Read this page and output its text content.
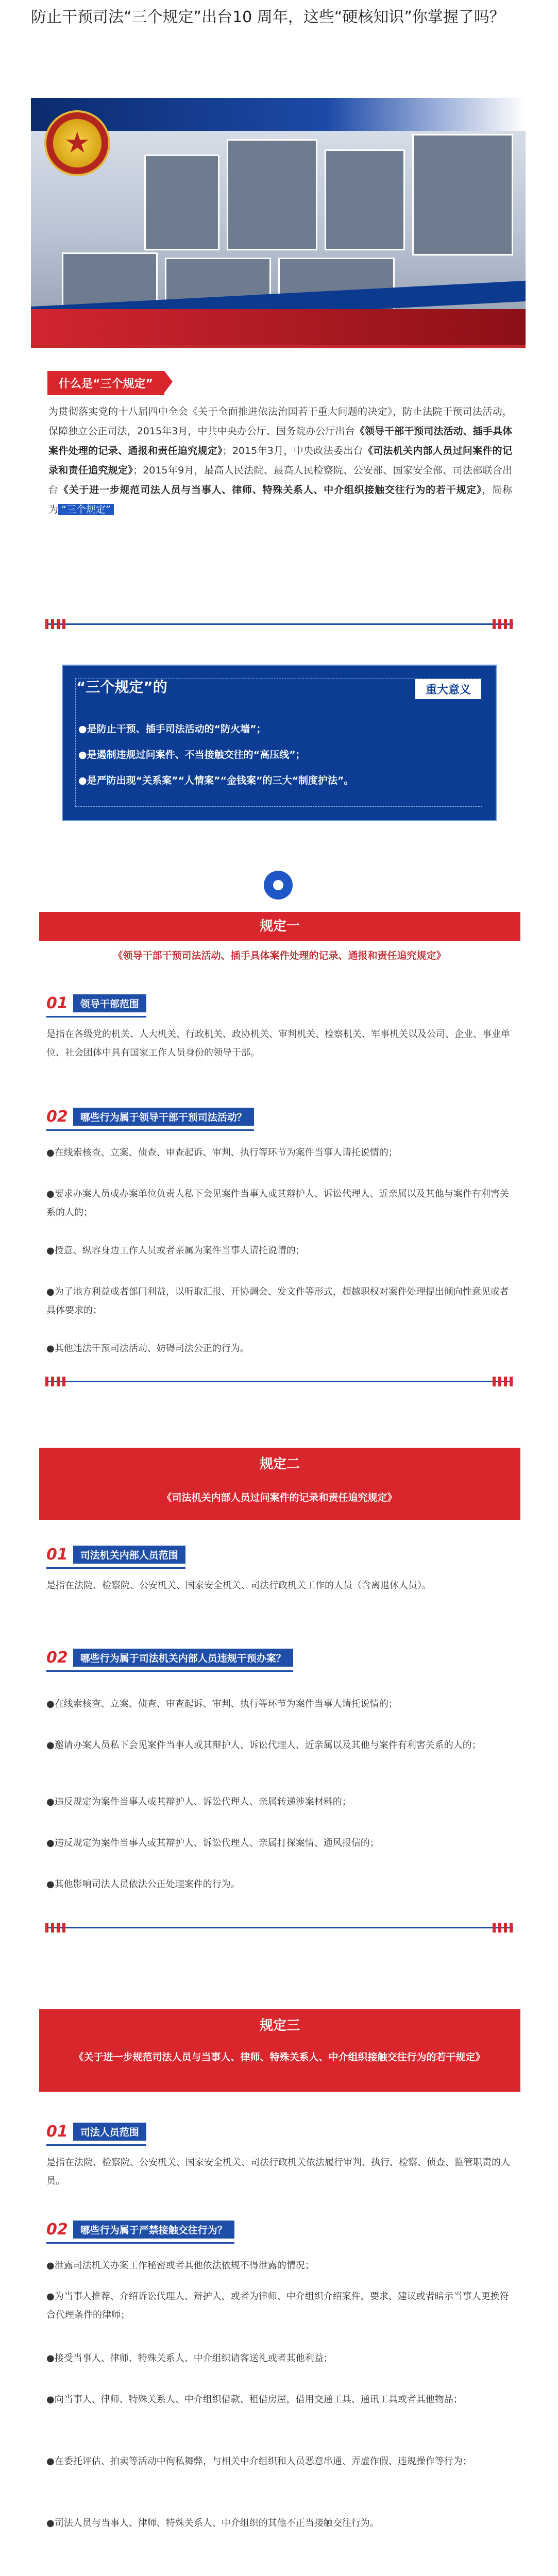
防止干预司法“三个规定”出台10 周年，这些“硬核知识”你掌握了吗？
★
什么是“三个规定”

为贯彻落实党的十八届四中全会《关于全面推进依法治国若干重大问题的决定》，防止法院干预司法活动，保障独立公正司法，2015年3月，中共中央办公厅、国务院办公厅出台《领导干部干预司法活动、插手具体案件处理的记录、通报和责任追究规定》；2015年3月，中央政法委出台《司法机关内部人员过问案件的记录和责任追究规定》；2015年9月，最高人民法院、最高人民检察院、公安部、国家安全部、司法部联合出台《关于进一步规范司法人员与当事人、律师、特殊关系人、中介组织接触交往行为的若干规定》，简称为 “三个规定”

“三个规定”的	重大意义
●是防止干预、插手司法活动的“防火墙”；
●是遏制违规过问案件、不当接触交往的“高压线”；
●是严防出现“关系案”“人情案”“金钱案”的三大“制度护法”。
规定一

《领导干部干预司法活动、插手具体案件处理的记录、通报和责任追究规定》

01 领导干部范围

是指在各级党的机关、人大机关、行政机关、政协机关、审判机关、检察机关、军事机关以及公司、企业、事业单位、社会团体中具有国家工作人员身份的领导干部。

02 哪些行为属于领导干部干预司法活动？

●在线索核查、立案、侦查、审查起诉、审判、执行等环节为案件当事人请托说情的；

●要求办案人员或办案单位负责人私下会见案件当事人或其辩护人、诉讼代理人、近亲属以及其他与案件有利害关系的人的；

●授意、纵容身边工作人员或者亲属为案件当事人请托说情的；

●为了地方利益或者部门利益，以听取汇报、开协调会、发文件等形式，超越职权对案件处理提出倾向性意见或者具体要求的；

●其他违法干预司法活动、妨碍司法公正的行为。

规定二

《司法机关内部人员过问案件的记录和责任追究规定》

01 司法机关内部人员范围

是指在法院、检察院、公安机关、国家安全机关、司法行政机关工作的人员（含离退休人员）。

02 哪些行为属于司法机关内部人员违规干预办案？

●在线索核查、立案、侦查、审查起诉、审判、执行等环节为案件当事人请托说情的；

●邀请办案人员私下会见案件当事人或其辩护人、诉讼代理人、近亲属以及其他与案件有利害关系的人的；

●违反规定为案件当事人或其辩护人、诉讼代理人、亲属转递涉案材料的；

●违反规定为案件当事人或其辩护人、诉讼代理人、亲属打探案情、通风报信的；

●其他影响司法人员依法公正处理案件的行为。

规定三

《关于进一步规范司法人员与当事人、律师、特殊关系人、中介组织接触交往行为的若干规定》

01 司法人员范围

是指在法院、检察院、公安机关、国家安全机关、司法行政机关依法履行审判、执行、检察、侦查、监管职责的人员。

02 哪些行为属于严禁接触交往行为？

●泄露司法机关办案工作秘密或者其他依法依规不得泄露的情况；

●为当事人推荐、介绍诉讼代理人、辩护人，或者为律师、中介组织介绍案件，要求、建议或者暗示当事人更换符合代理条件的律师；

●接受当事人、律师、特殊关系人、中介组织请客送礼或者其他利益；

●向当事人、律师、特殊关系人、中介组织借款、租借房屋，借用交通工具、通讯工具或者其他物品；

●在委托评估、拍卖等活动中徇私舞弊，与相关中介组织和人员恶意串通、弄虚作假、违规操作等行为；

●司法人员与当事人、律师、特殊关系人、中介组织的其他不正当接触交往行为。
